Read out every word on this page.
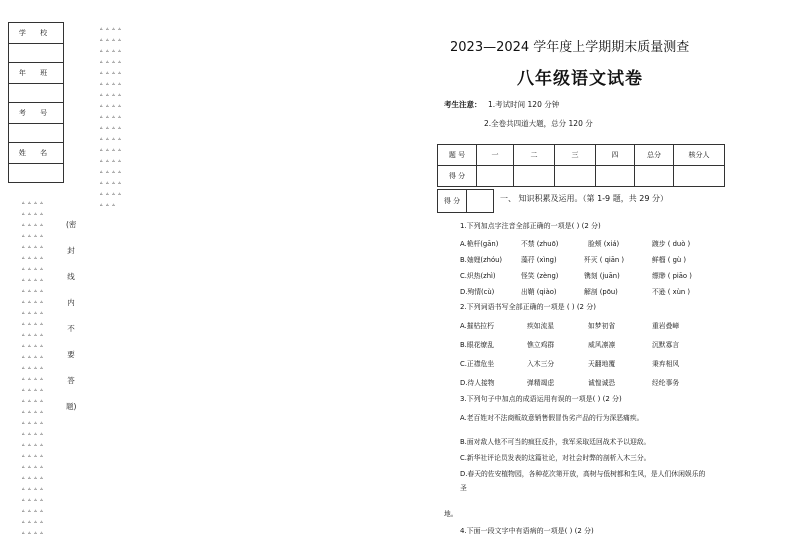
学 校

年 班

考 号

姓 名

▵ ▵ ▵ ▵
▵ ▵ ▵ ▵
▵ ▵ ▵ ▵
▵ ▵ ▵ ▵
▵ ▵ ▵ ▵
▵ ▵ ▵ ▵
▵ ▵ ▵ ▵
▵ ▵ ▵ ▵
▵ ▵ ▵ ▵
▵ ▵ ▵ ▵
▵ ▵ ▵ ▵
▵ ▵ ▵ ▵
▵ ▵ ▵ ▵
▵ ▵ ▵ ▵
▵ ▵ ▵ ▵
▵ ▵ ▵ ▵
▵ ▵ ▵
▵ ▵ ▵ ▵
▵ ▵ ▵ ▵
▵ ▵ ▵ ▵
▵ ▵ ▵ ▵
▵ ▵ ▵ ▵
▵ ▵ ▵ ▵
▵ ▵ ▵ ▵
▵ ▵ ▵ ▵
▵ ▵ ▵ ▵
▵ ▵ ▵ ▵
▵ ▵ ▵ ▵
▵ ▵ ▵ ▵
▵ ▵ ▵ ▵
▵ ▵ ▵ ▵
▵ ▵ ▵ ▵
▵ ▵ ▵ ▵
▵ ▵ ▵ ▵
▵ ▵ ▵ ▵
▵ ▵ ▵ ▵
▵ ▵ ▵ ▵
▵ ▵ ▵ ▵
▵ ▵ ▵ ▵
▵ ▵ ▵ ▵
▵ ▵ ▵ ▵
▵ ▵ ▵ ▵
▵ ▵ ▵ ▵
▵ ▵ ▵ ▵
▵ ▵ ▵ ▵
▵ ▵ ▵ ▵
▵ ▵ ▵ ▵
▵ ▵ ▵ ▵
(密封线内不要答题)
2023—2024 学年度上学期期末质量测查
八年级语文试卷
考生注意： 1.考试时间 120 分钟
2.全卷共四道大题，总分 120 分
题 号	一	二	三	四	总分	核分人
得 分						
得 分		一、 知识积累及运用。（第 1-9 题，共 29 分）
1.下列加点字注音全部正确的一项是( ) (2 分)
A.桅杆(gān)	不禁 (zhuō)	脸颊 (xiá)	踱步 ( duò )
B.妯娌(zhóu)	藻荇 (xìng)	歼灭 ( qiān )	鲜榴 ( gù )
C.炽热(zhì)	怪笑 (zèng)	镌刻 (juān)	缥缈 ( piāo )
D.殉情(cù)	出鞘 (qiào)	解剖 (pōu)	不逊 ( xùn )
2.下列词语书写全部正确的一项是 ( ) (2 分)
A.摧枯拉朽	疾如流星	如梦初省	重岩叠嶂
B.眼花缭乱	憔立鸡群	威风凛凛	沉默寡言
C.正襟危坐	入木三分	天翻地覆	秉弃相风
D.待人接物	弹精竭虑	诚惶诚恐	经纶事务
3.下列句子中加点的成语运用有误的一项是( ) (2 分)
A.老百姓对不法商贩故意销售假冒伪劣产品的行为深恶痛疾。
B.面对敌人他不可当的疯狂反扑，我军采取廷回战术予以迎敌。
C.新华社评论员发表的这篇社论，对社会时弊的剖析入木三分。
D.春天的佐安植物园，各种花次第开放，高树与低树都和生风，是人们休闲娱乐的
圣
地。
4.下面一段文字中有语病的一项是( ) (2 分)
